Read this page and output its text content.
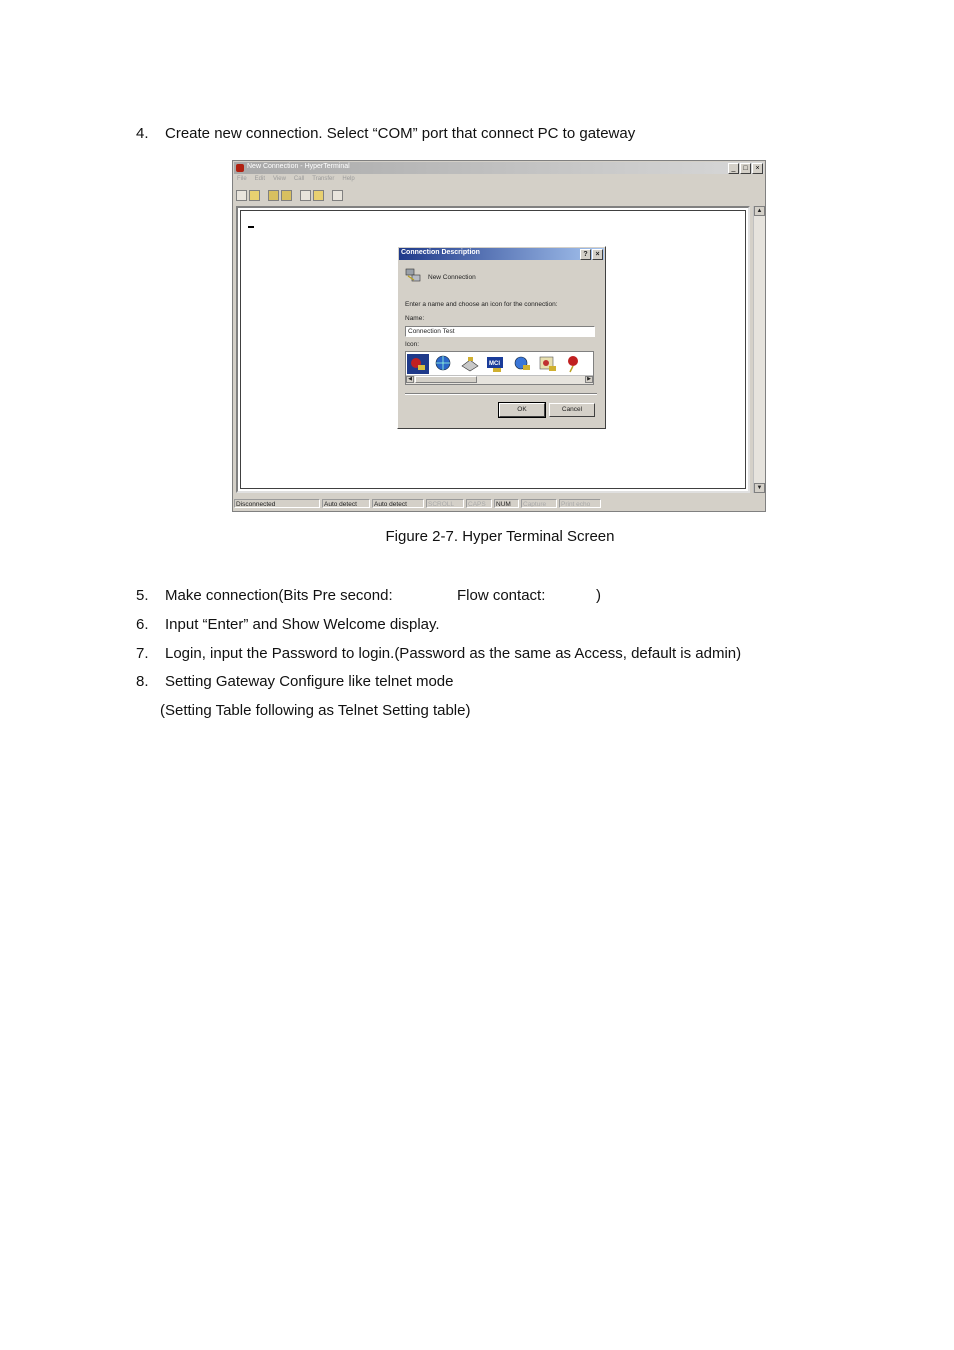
4. Create new connection. Select “COM” port that connect PC to gateway
New Connection - HyperTerminal	_	□	×
File Edit View Call Transfer Help
▲
▼
Disconnected	Auto detect	Auto detect	SCROLL	CAPS	NUM	Capture	Print echo
Connection Description	?	×
New Connection
Enter a name and choose an icon for the connection:
Name:
Connection Test
Icon:
MCI
◀	▶
OK	Cancel
Figure 2-7. Hyper Terminal Screen
5. Make connection(Bits Pre second:	Flow contact:	)
6. Input “Enter” and Show Welcome display.
7. Login, input the Password to login.(Password as the same as Access, default is admin)
8. Setting Gateway Configure like telnet mode
(Setting Table following as Telnet Setting table)
